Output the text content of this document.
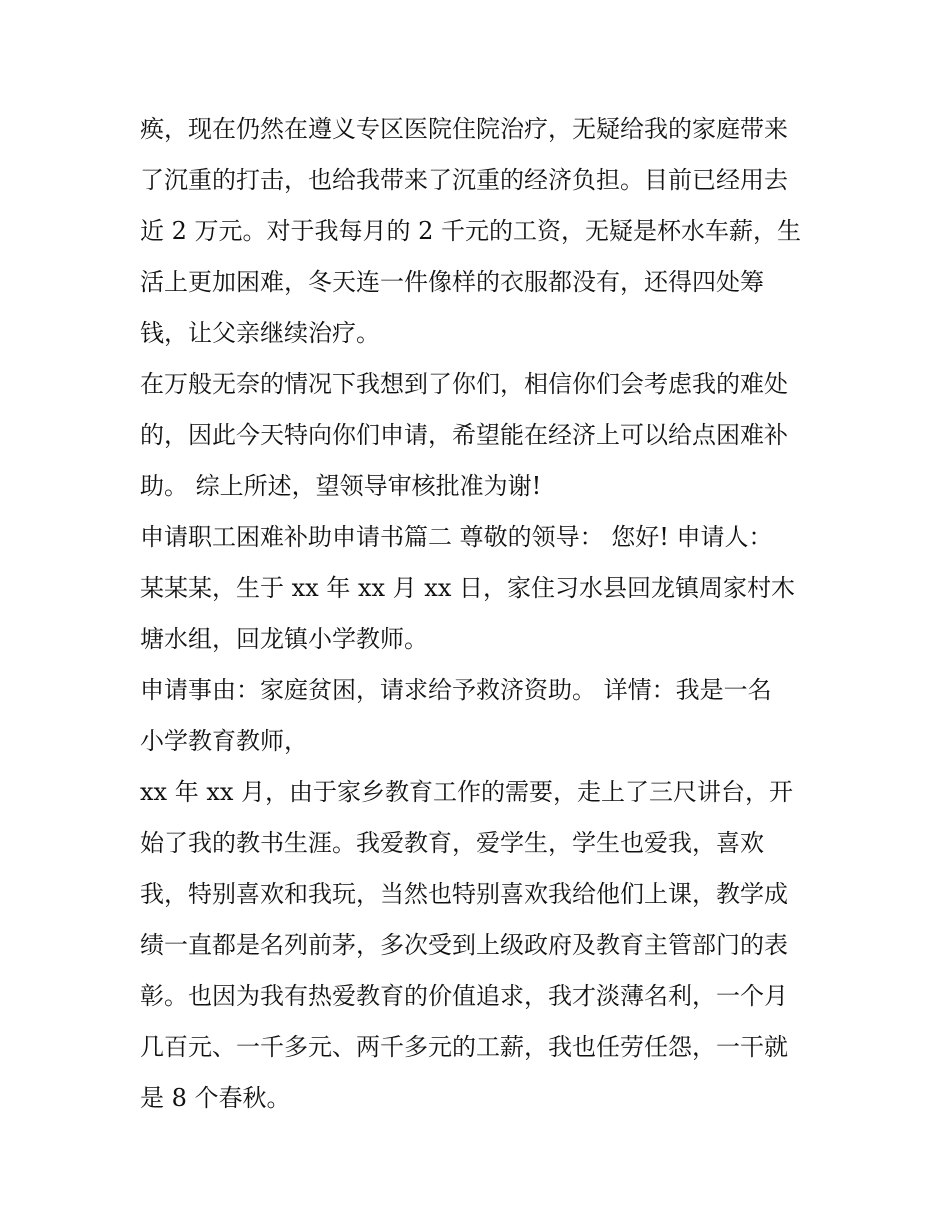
痪，现在仍然在遵义专区医院住院治疗，无疑给我的家庭带来
了沉重的打击，也给我带来了沉重的经济负担。目前已经用去
近 2 万元。对于我每月的 2 千元的工资，无疑是杯水车薪，生
活上更加困难，冬天连一件像样的衣服都没有，还得四处筹
钱，让父亲继续治疗。
在万般无奈的情况下我想到了你们，相信你们会考虑我的难处
的，因此今天特向你们申请，希望能在经济上可以给点困难补
助。 综上所述，望领导审核批准为谢!
申请职工困难补助申请书篇二 尊敬的领导： 您好! 申请人：
某某某，生于 xx 年 xx 月 xx 日，家住习水县回龙镇周家村木
塘水组，回龙镇小学教师。
申请事由：家庭贫困，请求给予救济资助。 详情：我是一名
小学教育教师，
xx 年 xx 月，由于家乡教育工作的需要，走上了三尺讲台，开
始了我的教书生涯。我爱教育，爱学生，学生也爱我，喜欢
我，特别喜欢和我玩，当然也特别喜欢我给他们上课，教学成
绩一直都是名列前茅，多次受到上级政府及教育主管部门的表
彰。也因为我有热爱教育的价值追求，我才淡薄名利，一个月
几百元、一千多元、两千多元的工薪，我也任劳任怨，一干就
是 8 个春秋。
